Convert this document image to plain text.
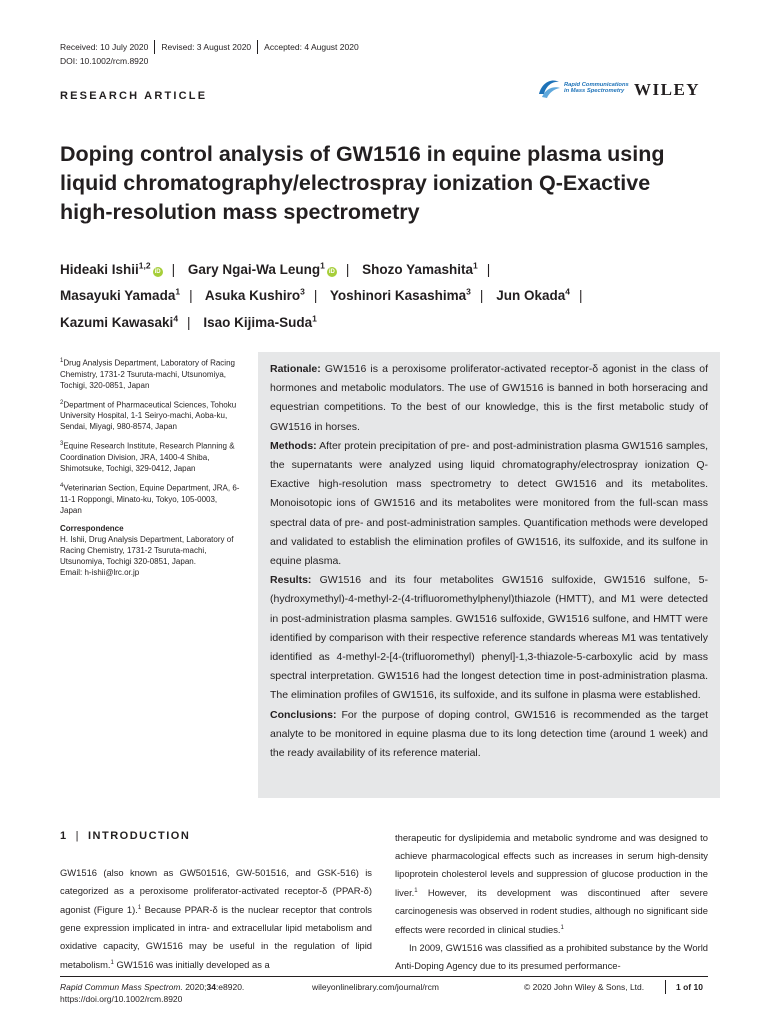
Received: 10 July 2020	Revised: 3 August 2020	Accepted: 4 August 2020
DOI: 10.1002/rcm.8920
RESEARCH ARTICLE
Rapid Communications in Mass Spectrometry WILEY
Doping control analysis of GW1516 in equine plasma using liquid chromatography/electrospray ionization Q-Exactive high-resolution mass spectrometry
Hideaki Ishii$^{1,2}$iD | Gary Ngai-Wa Leung$^1$iD | Shozo Yamashita$^1$ |
Masayuki Yamada$^1$ | Asuka Kushiro$^3$ | Yoshinori Kasashima$^3$ | Jun Okada$^4$ |
Kazumi Kawasaki$^4$ | Isao Kijima-Suda$^1$
$^1$Drug Analysis Department, Laboratory of Racing Chemistry, 1731-2 Tsuruta-machi, Utsunomiya, Tochigi, 320-0851, Japan
$^2$Department of Pharmaceutical Sciences, Tohoku University Hospital, 1-1 Seiryo-machi, Aoba-ku, Sendai, Miyagi, 980-8574, Japan
$^3$Equine Research Institute, Research Planning & Coordination Division, JRA, 1400-4 Shiba, Shimotsuke, Tochigi, 329-0412, Japan
$^4$Veterinarian Section, Equine Department, JRA, 6-11-1 Roppongi, Minato-ku, Tokyo, 105-0003, Japan
Correspondence
H. Ishii, Drug Analysis Department, Laboratory of Racing Chemistry, 1731-2 Tsuruta-machi, Utsunomiya, Tochigi 320-0851, Japan.
Email: h-ishii@lrc.or.jp

Rationale: GW1516 is a peroxisome proliferator-activated receptor-δ agonist in the class of hormones and metabolic modulators. The use of GW1516 is banned in both horseracing and equestrian competitions. To the best of our knowledge, this is the first metabolic study of GW1516 in horses.

Methods: After protein precipitation of pre- and post-administration plasma GW1516 samples, the supernatants were analyzed using liquid chromatography/electrospray ionization Q-Exactive high-resolution mass spectrometry to detect GW1516 and its metabolites. Monoisotopic ions of GW1516 and its metabolites were monitored from the full-scan mass spectral data of pre- and post-administration samples. Quantification methods were developed and validated to establish the elimination profiles of GW1516, its sulfoxide, and its sulfone in equine plasma.

Results: GW1516 and its four metabolites GW1516 sulfoxide, GW1516 sulfone, 5-(hydroxymethyl)-4-methyl-2-(4-trifluoromethylphenyl)thiazole (HMTT), and M1 were detected in post-administration plasma samples. GW1516 sulfoxide, GW1516 sulfone, and HMTT were identified by comparison with their respective reference standards whereas M1 was tentatively identified as 4-methyl-2-[4-(trifluoromethyl) phenyl]-1,3-thiazole-5-carboxylic acid by mass spectral interpretation. GW1516 had the longest detection time in post-administration plasma. The elimination profiles of GW1516, its sulfoxide, and its sulfone in plasma were established.

Conclusions: For the purpose of doping control, GW1516 is recommended as the target analyte to be monitored in equine plasma due to its long detection time (around 1 week) and the ready availability of its reference material.

1 | INTRODUCTION

GW1516 (also known as GW501516, GW-501516, and GSK-516) is categorized as a peroxisome proliferator-activated receptor-δ (PPAR-δ) agonist (Figure 1).$^1$ Because PPAR-δ is the nuclear receptor that controls gene expression implicated in intra- and extracellular lipid metabolism and oxidative capacity, GW1516 may be useful in the regulation of lipid metabolism.$^1$ GW1516 was initially developed as a

therapeutic for dyslipidemia and metabolic syndrome and was designed to achieve pharmacological effects such as increases in serum high-density lipoprotein cholesterol levels and suppression of glucose production in the liver.$^1$ However, its development was discontinued after severe carcinogenesis was observed in rodent studies, although no significant side effects were recorded in clinical studies.$^1$

In 2009, GW1516 was classified as a prohibited substance by the World Anti-Doping Agency due to its presumed performance-

Rapid Commun Mass Spectrom. 2020;34:e8920.
https://doi.org/10.1002/rcm.8920
wileyonlinelibrary.com/journal/rcm	© 2020 John Wiley & Sons, Ltd.	1 of 10
